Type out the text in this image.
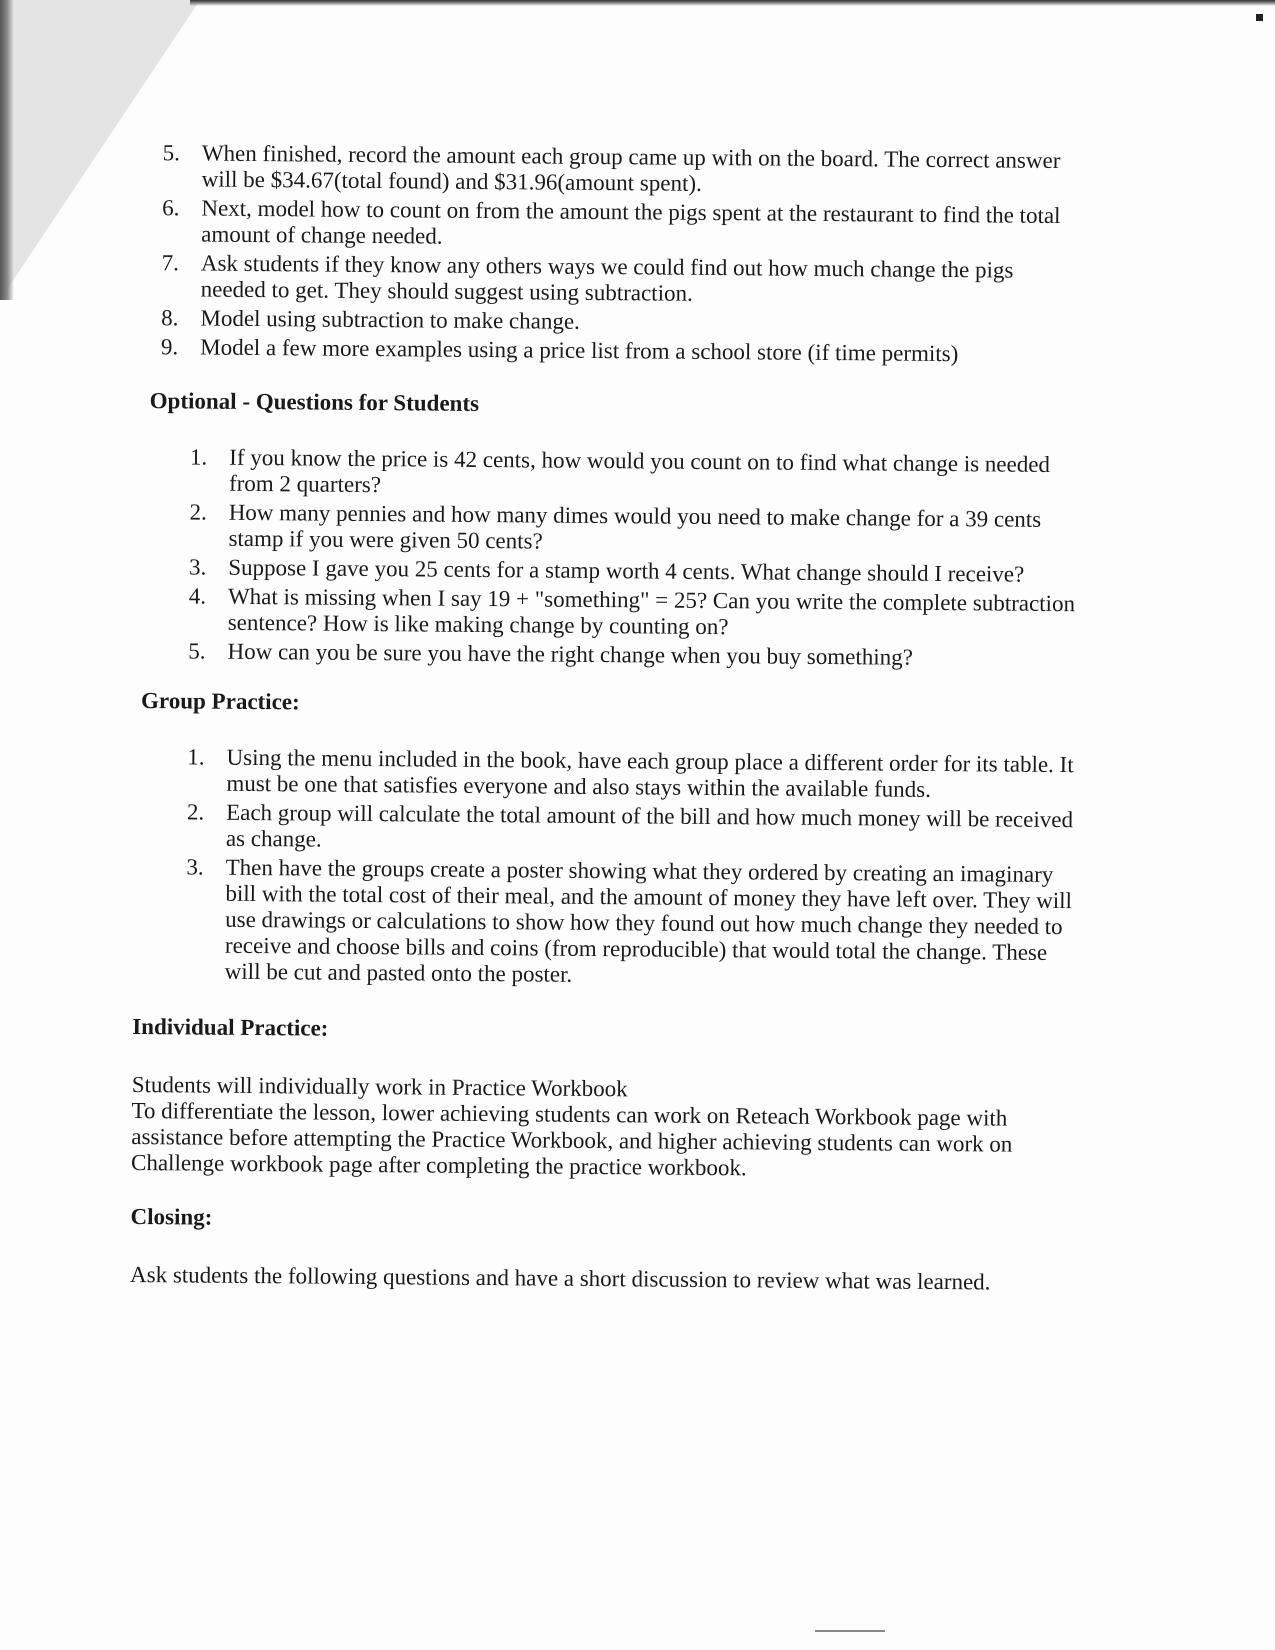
5. When finished, record the amount each group came up with on the board. The correct answer will be $34.67(total found) and $31.96(amount spent).
6. Next, model how to count on from the amount the pigs spent at the restaurant to find the total amount of change needed.
7. Ask students if they know any others ways we could find out how much change the pigs needed to get. They should suggest using subtraction.
8. Model using subtraction to make change.
9. Model a few more examples using a price list from a school store (if time permits)
Optional - Questions for Students
1. If you know the price is 42 cents, how would you count on to find what change is needed from 2 quarters?
2. How many pennies and how many dimes would you need to make change for a 39 cents stamp if you were given 50 cents?
3. Suppose I gave you 25 cents for a stamp worth 4 cents. What change should I receive?
4. What is missing when I say 19 + "something" = 25? Can you write the complete subtraction sentence? How is like making change by counting on?
5. How can you be sure you have the right change when you buy something?
Group Practice:
1. Using the menu included in the book, have each group place a different order for its table. It must be one that satisfies everyone and also stays within the available funds.
2. Each group will calculate the total amount of the bill and how much money will be received as change.
3. Then have the groups create a poster showing what they ordered by creating an imaginary bill with the total cost of their meal, and the amount of money they have left over. They will use drawings or calculations to show how they found out how much change they needed to receive and choose bills and coins (from reproducible) that would total the change. These will be cut and pasted onto the poster.
Individual Practice:

Students will individually work in Practice Workbook

To differentiate the lesson, lower achieving students can work on Reteach Workbook page with assistance before attempting the Practice Workbook, and higher achieving students can work on Challenge workbook page after completing the practice workbook.

Closing:

Ask students the following questions and have a short discussion to review what was learned.
